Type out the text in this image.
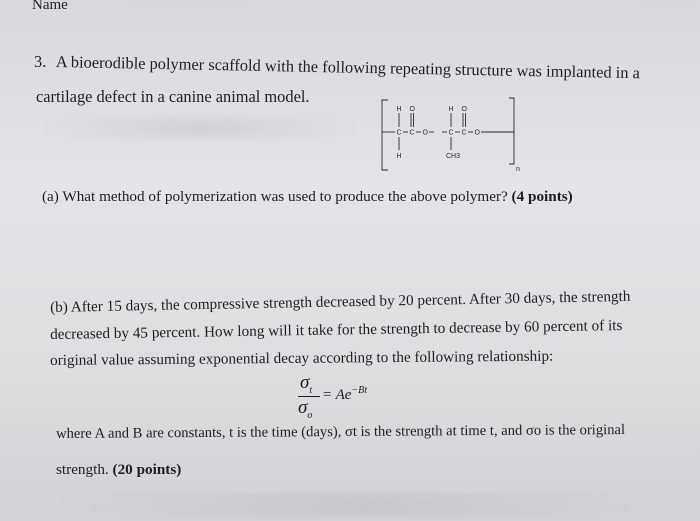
Name
3. A bioerodible polymer scaffold with the following repeating structure was implanted in a
cartilage defect in a canine animal model.
H O	H O
C C O	C C O
H	CH3
n
(a) What method of polymerization was used to produce the above polymer? (4 points)
(b) After 15 days, the compressive strength decreased by 20 percent. After 30 days, the strength
decreased by 45 percent. How long will it take for the strength to decrease by 60 percent of its
original value assuming exponential decay according to the following relationship:
$\sigma_t$
$\sigma_o$
= $Ae^{-Bt}$
where A and B are constants, t is the time (days), σt is the strength at time t, and σo is the original
strength. (20 points)
